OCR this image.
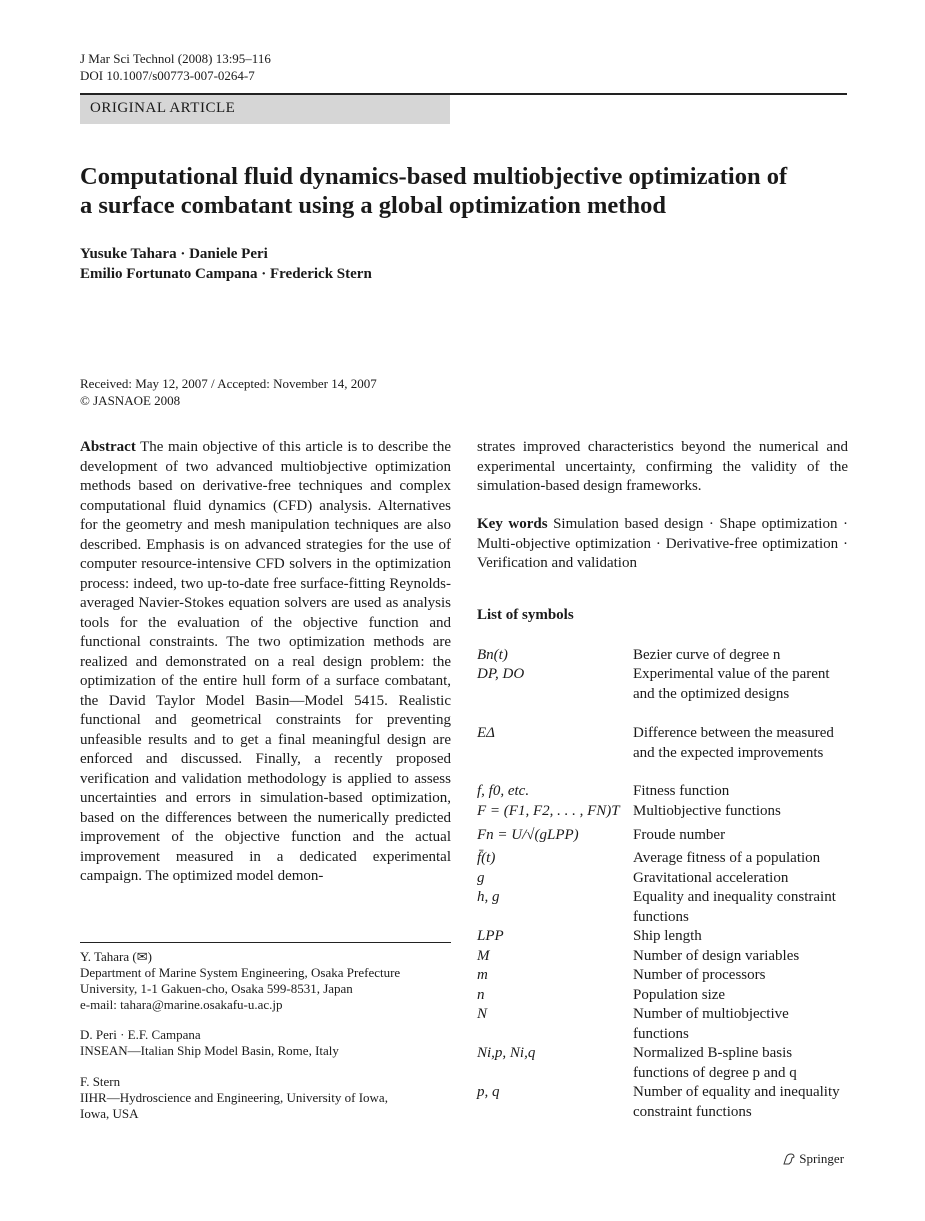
J Mar Sci Technol (2008) 13:95–116
DOI 10.1007/s00773-007-0264-7
ORIGINAL ARTICLE
Computational fluid dynamics-based multiobjective optimization of
a surface combatant using a global optimization method
Yusuke Tahara · Daniele Peri
Emilio Fortunato Campana · Frederick Stern
Received: May 12, 2007 / Accepted: November 14, 2007
© JASNAOE 2008
Abstract The main objective of this article is to describe the development of two advanced multiobjective optimization methods based on derivative-free techniques and complex computational fluid dynamics (CFD) analysis. Alternatives for the geometry and mesh manipulation techniques are also described. Emphasis is on advanced strategies for the use of computer resource-intensive CFD solvers in the optimization process: indeed, two up-to-date free surface-fitting Reynolds-averaged Navier-Stokes equation solvers are used as analysis tools for the evaluation of the objective function and functional constraints. The two optimization methods are realized and demonstrated on a real design problem: the optimization of the entire hull form of a surface combatant, the David Taylor Model Basin—Model 5415. Realistic functional and geometrical constraints for preventing unfeasible results and to get a final meaningful design are enforced and discussed. Finally, a recently proposed verification and validation methodology is applied to assess uncertainties and errors in simulation-based optimization, based on the differences between the numerically predicted improvement of the objective function and the actual improvement measured in a dedicated experimental campaign. The optimized model demon-
strates improved characteristics beyond the numerical and experimental uncertainty, confirming the validity of the simulation-based design frameworks.
Key words Simulation based design · Shape optimization · Multi-objective optimization · Derivative-free optimization · Verification and validation
List of symbols
Bn(t)	Bezier curve of degree n
DP, DO	Experimental value of the parent and the optimized designs
EΔ	Difference between the measured and the expected improvements
f, f0, etc.	Fitness function
F = (F1, F2, . . . , FN)T Multiobjective functions
Fn = U/√(gLPP)	Froude number
f̄(t)	Average fitness of a population
g	Gravitational acceleration
h, g	Equality and inequality constraint functions
LPP	Ship length
M	Number of design variables
m	Number of processors
n	Population size
N	Number of multiobjective functions
Ni,p, Ni,q	Normalized B-spline basis functions of degree p and q
p, q	Number of equality and inequality constraint functions
Y. Tahara (✉)
Department of Marine System Engineering, Osaka Prefecture
University, 1-1 Gakuen-cho, Osaka 599-8531, Japan
e-mail: tahara@marine.osakafu-u.ac.jp
D. Peri · E.F. Campana
INSEAN—Italian Ship Model Basin, Rome, Italy
F. Stern
IIHR—Hydroscience and Engineering, University of Iowa,
Iowa, USA
Springer
